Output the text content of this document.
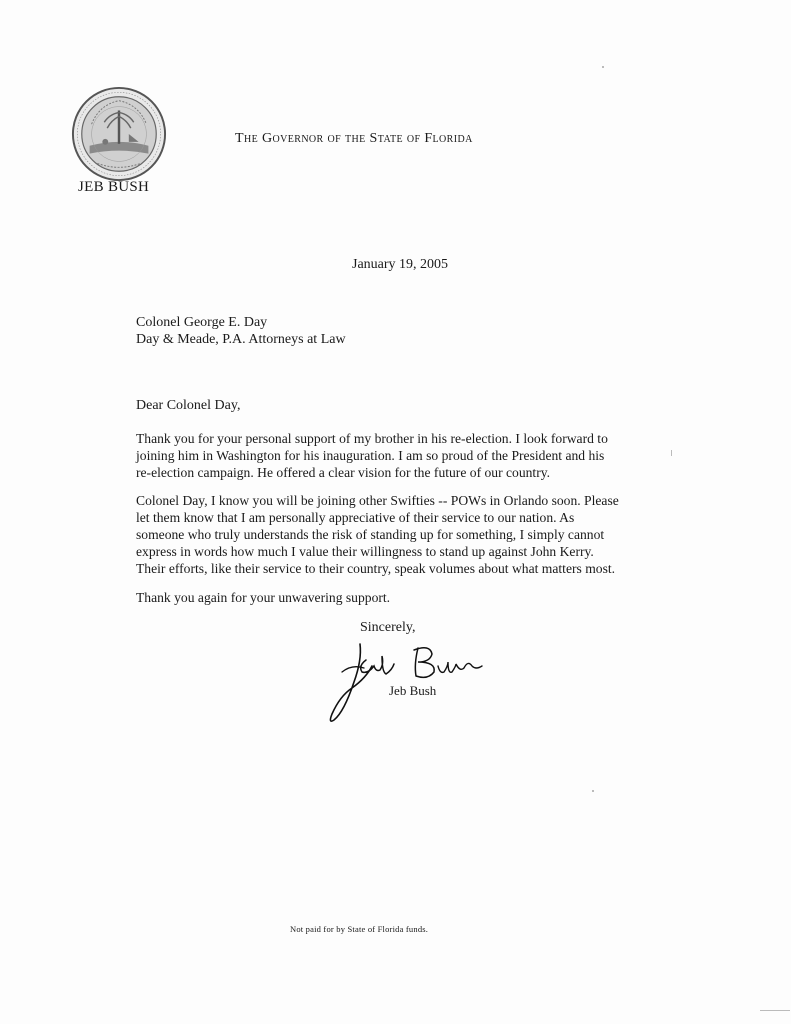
JEB BUSH
The Governor of the State of Florida
January 19, 2005
Colonel George E. Day
Day & Meade, P.A. Attorneys at Law
Dear Colonel Day,
Thank you for your personal support of my brother in his re-election. I look forward to
joining him in Washington for his inauguration. I am so proud of the President and his
re-election campaign. He offered a clear vision for the future of our country.
Colonel Day, I know you will be joining other Swifties -- POWs in Orlando soon. Please
let them know that I am personally appreciative of their service to our nation. As
someone who truly understands the risk of standing up for something, I simply cannot
express in words how much I value their willingness to stand up against John Kerry.
Their efforts, like their service to their country, speak volumes about what matters most.
Thank you again for your unwavering support.
Sincerely,
Jeb Bush
Not paid for by State of Florida funds.
